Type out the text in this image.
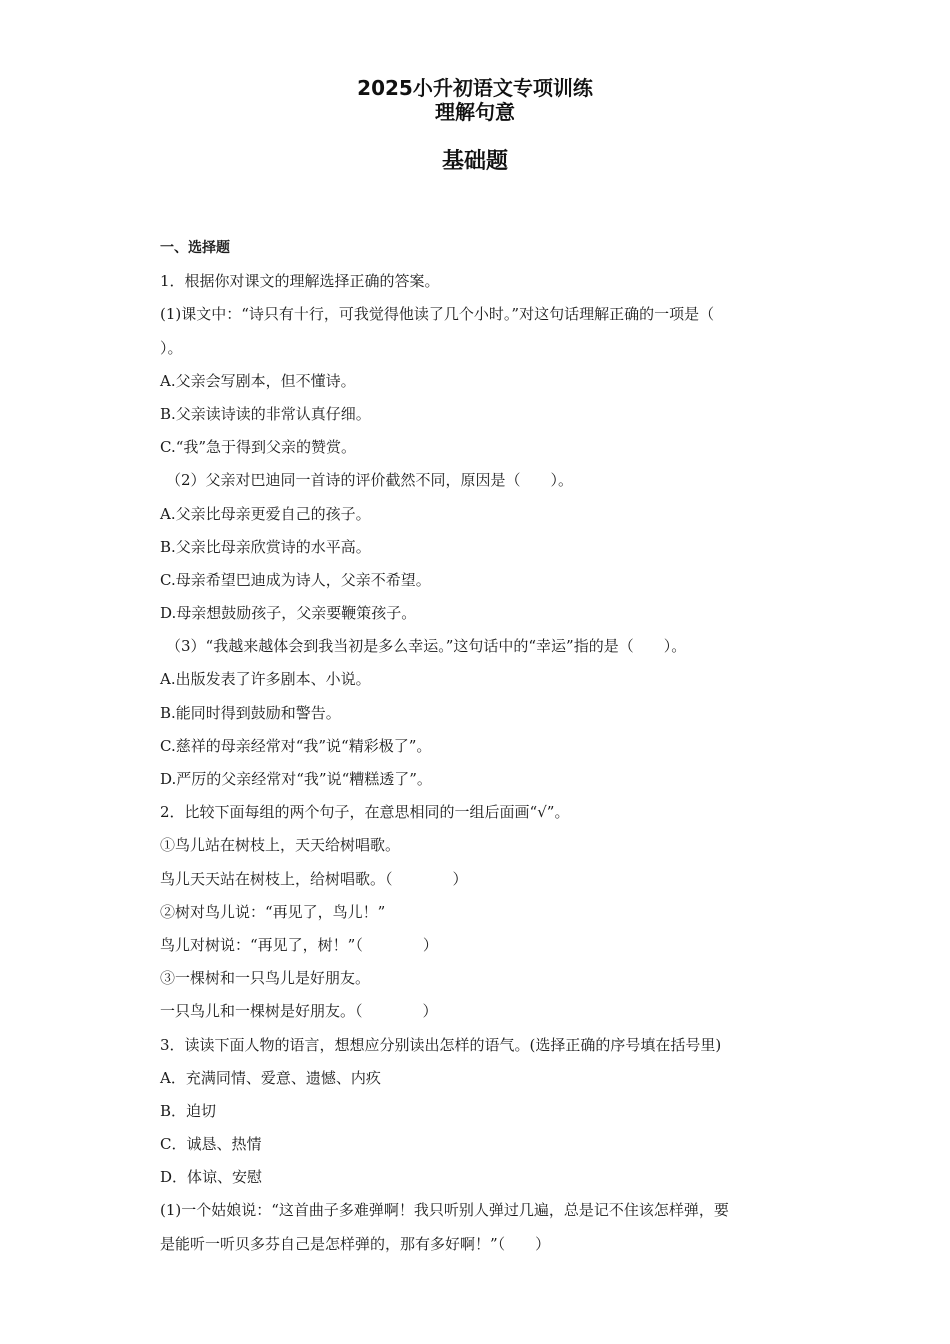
2025小升初语文专项训练
理解句意
基础题
一、选择题
1．根据你对课文的理解选择正确的答案。
(1)课文中：“诗只有十行，可我觉得他读了几个小时。”对这句话理解正确的一项是（
）。
A.父亲会写剧本，但不懂诗。
B.父亲读诗读的非常认真仔细。
C.“我”急于得到父亲的赞赏。
（2）父亲对巴迪同一首诗的评价截然不同，原因是（　　）。
A.父亲比母亲更爱自己的孩子。
B.父亲比母亲欣赏诗的水平高。
C.母亲希望巴迪成为诗人，父亲不希望。
D.母亲想鼓励孩子，父亲要鞭策孩子。
（3）“我越来越体会到我当初是多么幸运。”这句话中的“幸运”指的是（　　）。
A.出版发表了许多剧本、小说。
B.能同时得到鼓励和警告。
C.慈祥的母亲经常对“我”说“精彩极了”。
D.严厉的父亲经常对“我”说“糟糕透了”。
2．比较下面每组的两个句子，在意思相同的一组后面画“√”。
①鸟儿站在树枝上，天天给树唱歌。
鸟儿天天站在树枝上，给树唱歌。（　　　　）
②树对鸟儿说：“再见了，鸟儿！”
鸟儿对树说：“再见了，树！”（　　　　）
③一棵树和一只鸟儿是好朋友。
一只鸟儿和一棵树是好朋友。（　　　　）
3．读读下面人物的语言，想想应分别读出怎样的语气。(选择正确的序号填在括号里)
A．充满同情、爱意、遗憾、内疚
B．迫切
C．诚恳、热情
D．体谅、安慰
(1)一个姑娘说：“这首曲子多难弹啊！我只听别人弹过几遍，总是记不住该怎样弹，要
是能听一听贝多芬自己是怎样弹的，那有多好啊！”（　　）
